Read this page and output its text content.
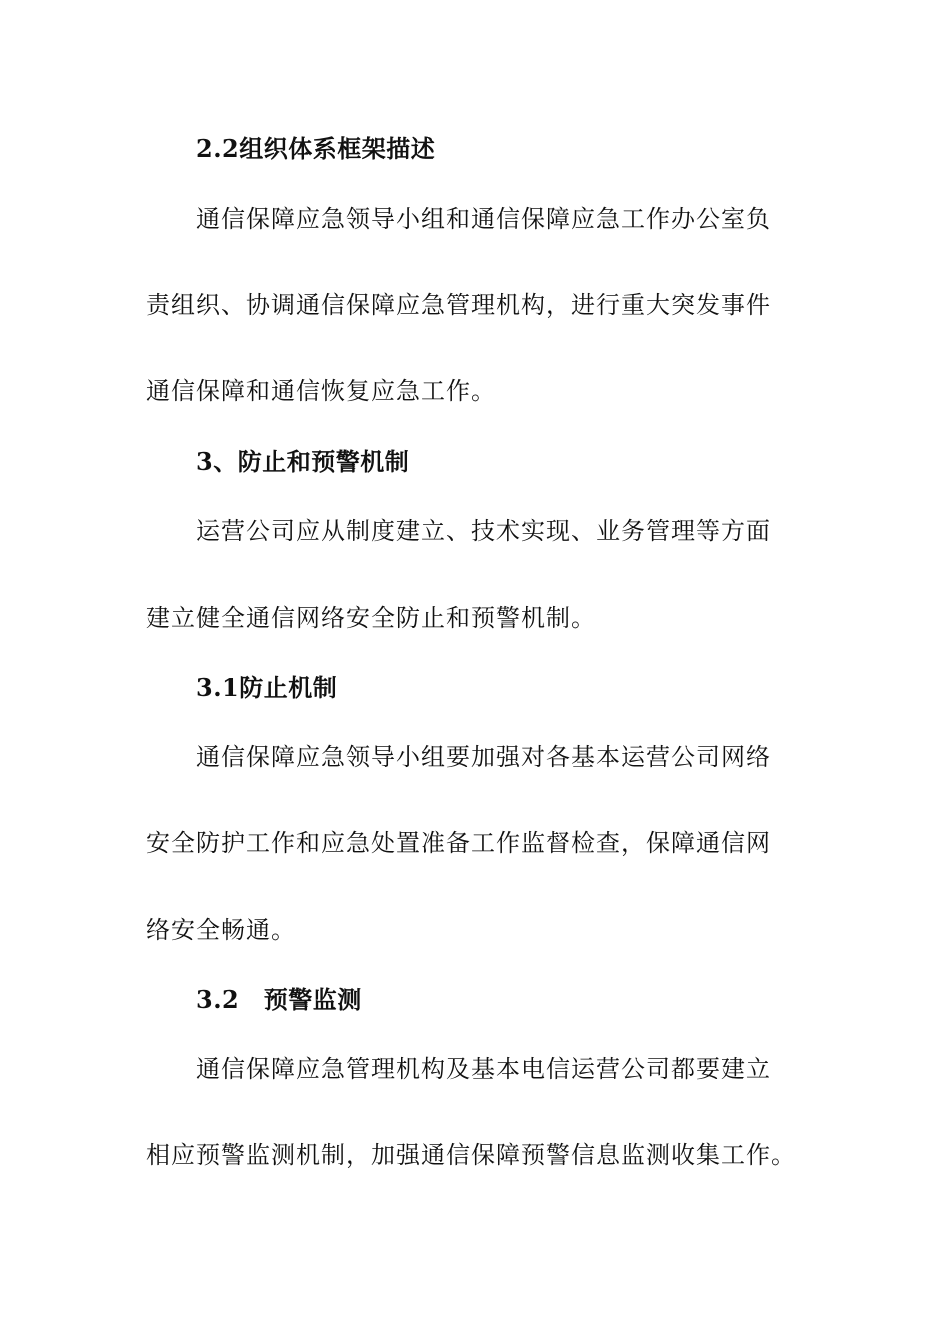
2.2组织体系框架描述
通信保障应急领导小组和通信保障应急工作办公室负
责组织、协调通信保障应急管理机构，进行重大突发事件
通信保障和通信恢复应急工作。
3、防止和预警机制
运营公司应从制度建立、技术实现、业务管理等方面
建立健全通信网络安全防止和预警机制。
3.1防止机制
通信保障应急领导小组要加强对各基本运营公司网络
安全防护工作和应急处置准备工作监督检查，保障通信网
络安全畅通。
3.2　预警监测
通信保障应急管理机构及基本电信运营公司都要建立
相应预警监测机制，加强通信保障预警信息监测收集工作。
